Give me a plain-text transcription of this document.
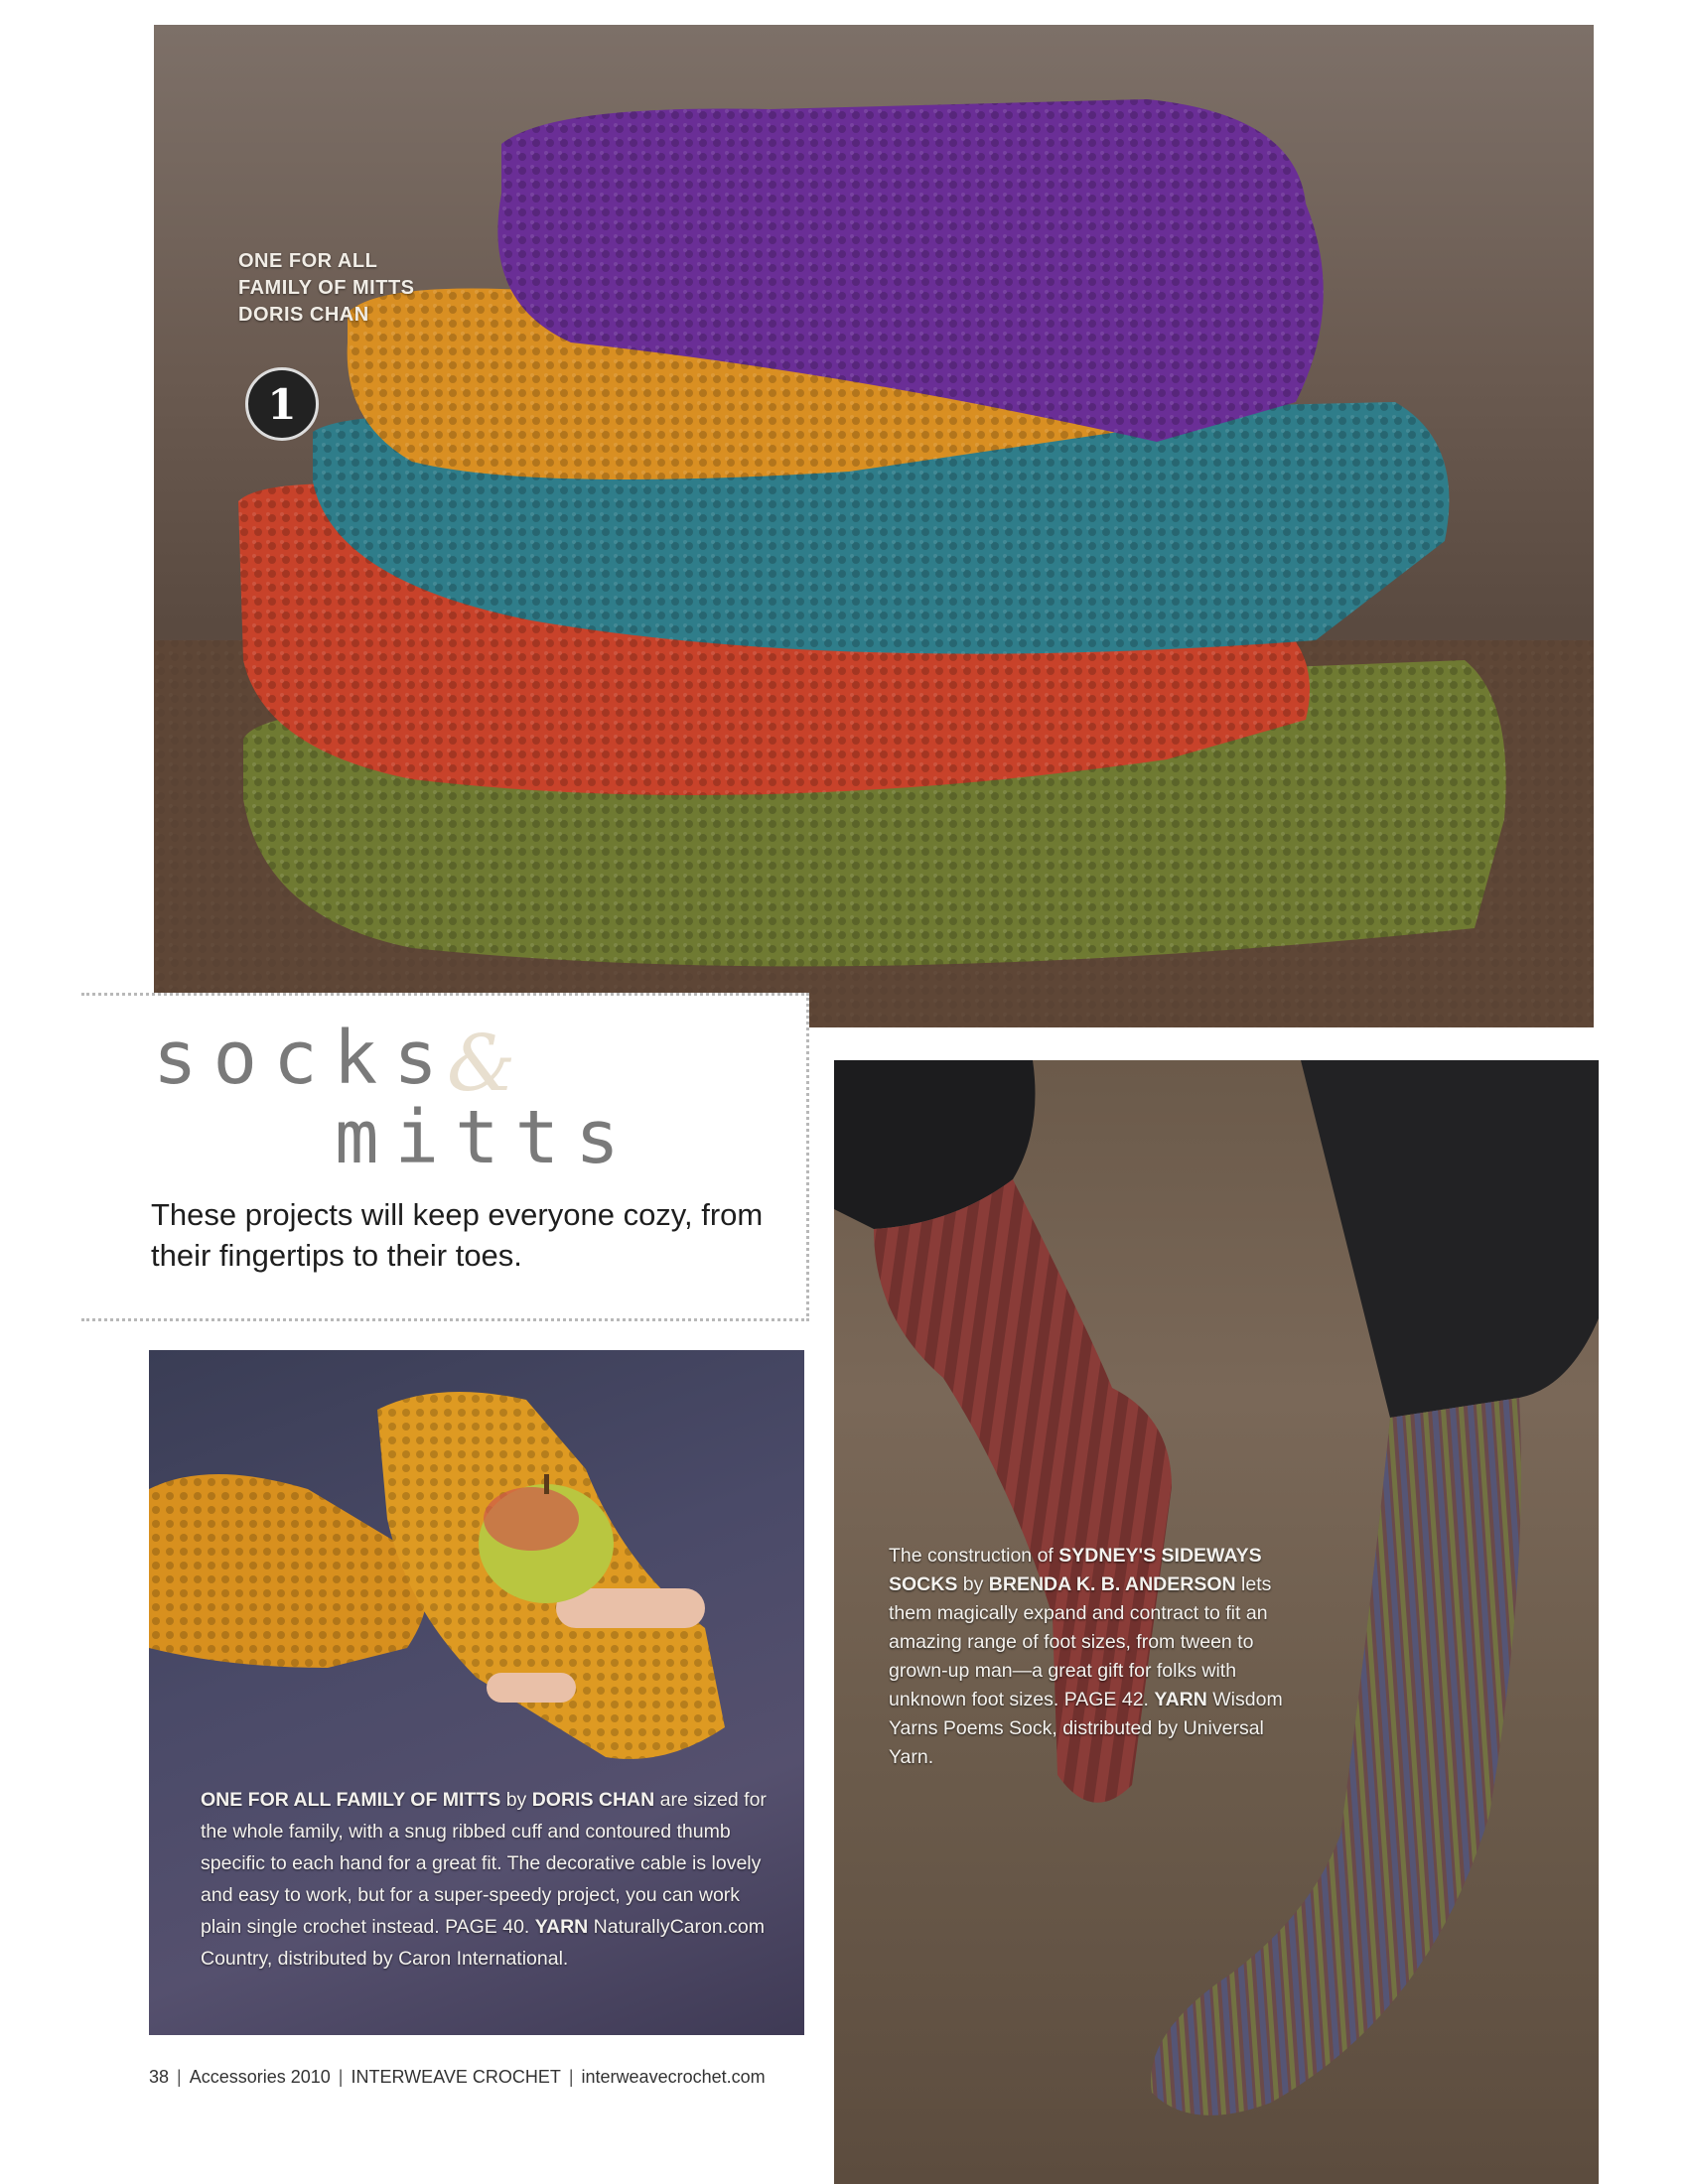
ONE FOR ALL
FAMILY OF MITTS
DORIS CHAN
1
socks
&
mitts
These projects will keep everyone cozy, from their fingertips to their toes.
ONE FOR ALL FAMILY OF MITTS by DORIS CHAN are sized for the whole family, with a snug ribbed cuff and contoured thumb specific to each hand for a great fit. The decorative cable is lovely and easy to work, but for a super-speedy project, you can work plain single crochet instead. PAGE 40. YARN NaturallyCaron.com Country, distributed by Caron International.
The construction of SYDNEY'S SIDEWAYS SOCKS by BRENDA K. B. ANDERSON lets them magically expand and contract to fit an amazing range of foot sizes, from tween to grown-up man—a great gift for folks with unknown foot sizes. PAGE 42. YARN Wisdom Yarns Poems Sock, distributed by Universal Yarn.
38 | Accessories 2010 | INTERWEAVE CROCHET | interweavecrochet.com
